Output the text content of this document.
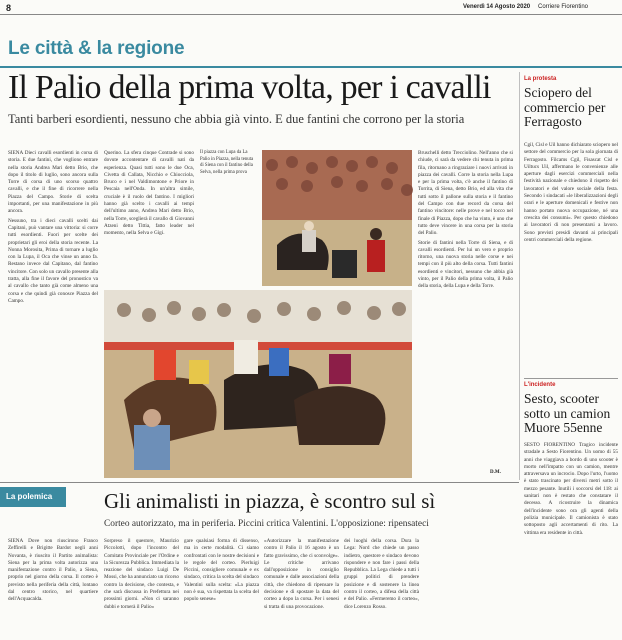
8	Venerdì 14 Agosto 2020 Corriere Fiorentino
Le città & la regione
Il Palio della prima volta, per i cavalli
Tanti barberi esordienti, nessuno che abbia già vinto. E due fantini che corrono per la storia

SIENA Dieci cavalli esordienti in corsa di storia. E due fantini, che vogliono entrare nella storia Andrea Mari detto Brio, che dopo il titolo di luglio, sono ancora sulla Torre di corsa di uno scorso quattro cavalli, e che il fine di ricorrere nella Piazza del Campo. Storie di scelta importanti, per una manifestazione in più ancora.

Nessuno, tra i dieci cavalli scelti dai Capitani, può vantare una vittoria: si corre tutti esordienti. Fuori per scelte dei proprietari gli eroi della storia recente. La Nonna Morosita, Prima di tornare a luglio con la Lupa, il Oca che vinse un anno fa. Restano invece dal Capitano, dal fantino vincitore. Con solo un cavallo presente alla tratta, alla fine il favore del pronostico va al cavallo che tanto già come almeno una corsa e che quindi già conosce Piazza del Campo.

Querino. La sfera cinque Contrade si sono dovute accontentare di cavalli nati da esperienza. Quasi tutti sono le due Oca, Civetta di Callata, Nicchio e Chiocciola, Bruco e i nel Valdimontone e Priore in Pescaia nell'Onda. In un'altra simile, cruciale è il ruolo del fantino. I migliori hanno già scelto i cavalli ai tempi dell'ultimo anno, Andrea Mari detto Brio, nella Torre, sceglierà il cavallo di Giovanni Atzeni detto Tittia, fatto leader nel momento, nella Selva e Gigi.
Il piazza con Lupa da La Palio in Piazza, nella tenuta di Siena con il fantino della Selva, nella prima prova

Bruschelli detto Trecciolino. Nell'anno che si chiude, ci sarà da vedere chi tenuta in prima fila, ritornano a ringraziare i nuovi arrivati in piazza dei cavalli. Corre la storia nella Lupa e per la prima volta, c'è anche il fantino di Torrita, di Siena, detto Brio, ed alla vita che tutti sotto il pallone sulla storia e il fantino del Campo con due record da corsa del fantino vincitore: nelle prove e nel tocco nel finale di Piazza, dopo che ha vinto, è uno che tutto deve vincere in una corsa per la storia del Palio.

Storie di fantini nella Torre di Siena, e di cavalli esordienti. Per lui un vero e proprio ritorno, una nuova storia nelle corse e nei tempi con il più alto della corsa. Tutti fantini esordienti e vincitori, nessuno che abbia già vinto, per il Palio della prima volta, il Palio della storia, della Lupa e della Torre.

D.M.
La protesta
Sciopero del commercio per Ferragosto
Cgil, Cisl e Uil hanno dichiarato sciopero nel settore del commercio per la sola giornata di Ferragosto. Filcams Cgil, Fisascat Cisl e Uiltucs Uil, affermano le convenienze alle aperture dagli esercizi commerciali nella festività nazionale e chiedono il rispetto dei lavoratori e del valore sociale della festa. Secondo i sindacati «le liberalizzazioni degli orari e le aperture domenicali e festive non hanno portato nuova occupazione, né una crescita dei consumi». Per questo chiedono ai lavoratori di non presentarsi a lavoro. Sono previsti presidi davanti ai principali centri commerciali della regione.
L'incidente
Sesto, scooter sotto un camion Muore 55enne
SESTO FIORENTINO Tragico incidente stradale a Sesto Fiorentino. Un uomo di 55 anni che viaggiava a bordo di uno scooter è morto nell'impatto con un camion, mentre attraversava un incrocio. Dopo l'urto, l'uomo è stato trascinato per diversi metri sotto il mezzo pesante. Inutili i soccorsi del 118: ai sanitari non è restato che constatare il decesso. A ricostruire la dinamica dell'incidente sono ora gli agenti della polizia municipale. Il camionista è stato sottoposto agli accertamenti di rito. La vittima era residente in città.
La polemica	Gli animalisti in piazza, è scontro sul sì
Corteo autorizzato, ma in periferia. Piccini critica Valentini. L'opposizione: ripensateci
SIENA Dove non riuscirono Franco Zeffirelli e Brigitte Bardot negli anni Novanta, è riuscito il Partito animalista: Siena per la prima volta autorizza una manifestazione contro il Palio, a Siena, proprio nel giorno della corsa. Il corteo è previsto nella periferia della città, lontano dal centro storico, nel quartiere dell'Acquacalda.
Sorpreso il questore, Maurizio Piccolotti, dopo l'incontro del Comitato Provinciale per l'Ordine e la Sicurezza Pubblica. Immediata la reazione del sindaco Luigi De Mossi, che ha annunciato un ricorso contro la decisione, che contesta, e che sarà discussa in Prefettura nei prossimi giorni. «Non ci saranno dubbi e tornerà il Palio»
gare qualsiasi forma di dissenso, ma in certe modalità. Ci siamo confrontati con le nostre decisioni e le regole del corteo. Pierluigi Piccini, consigliere comunale e ex sindaco, critica la scelta del sindaco Valentini sulla scelta: «La piazza non è sua, va rispettata la scelta del popolo senese»
«Autorizzare la manifestazione contro il Palio il 16 agosto è un fatto gravissimo, che ci sconvolge». Le critiche arrivano dall'opposizione in consiglio comunale e dalle associazioni della città, che chiedono di ripensare la decisione e di spostare la data del corteo a dopo la corsa. Per i senesi si tratta di una provocazione.
dei luoghi della corsa. Dura la Lega: Nord che chiede un passo indietro, questore e sindaco devono rispondere e non fare i passi della Repubblica. La Lega chiede a tutti i gruppi politici di prendere posizione e di sostenere la linea contro il corteo, a difesa della città e del Palio. «Fermeremo il corteo», dice Lorenzo Rosso.
